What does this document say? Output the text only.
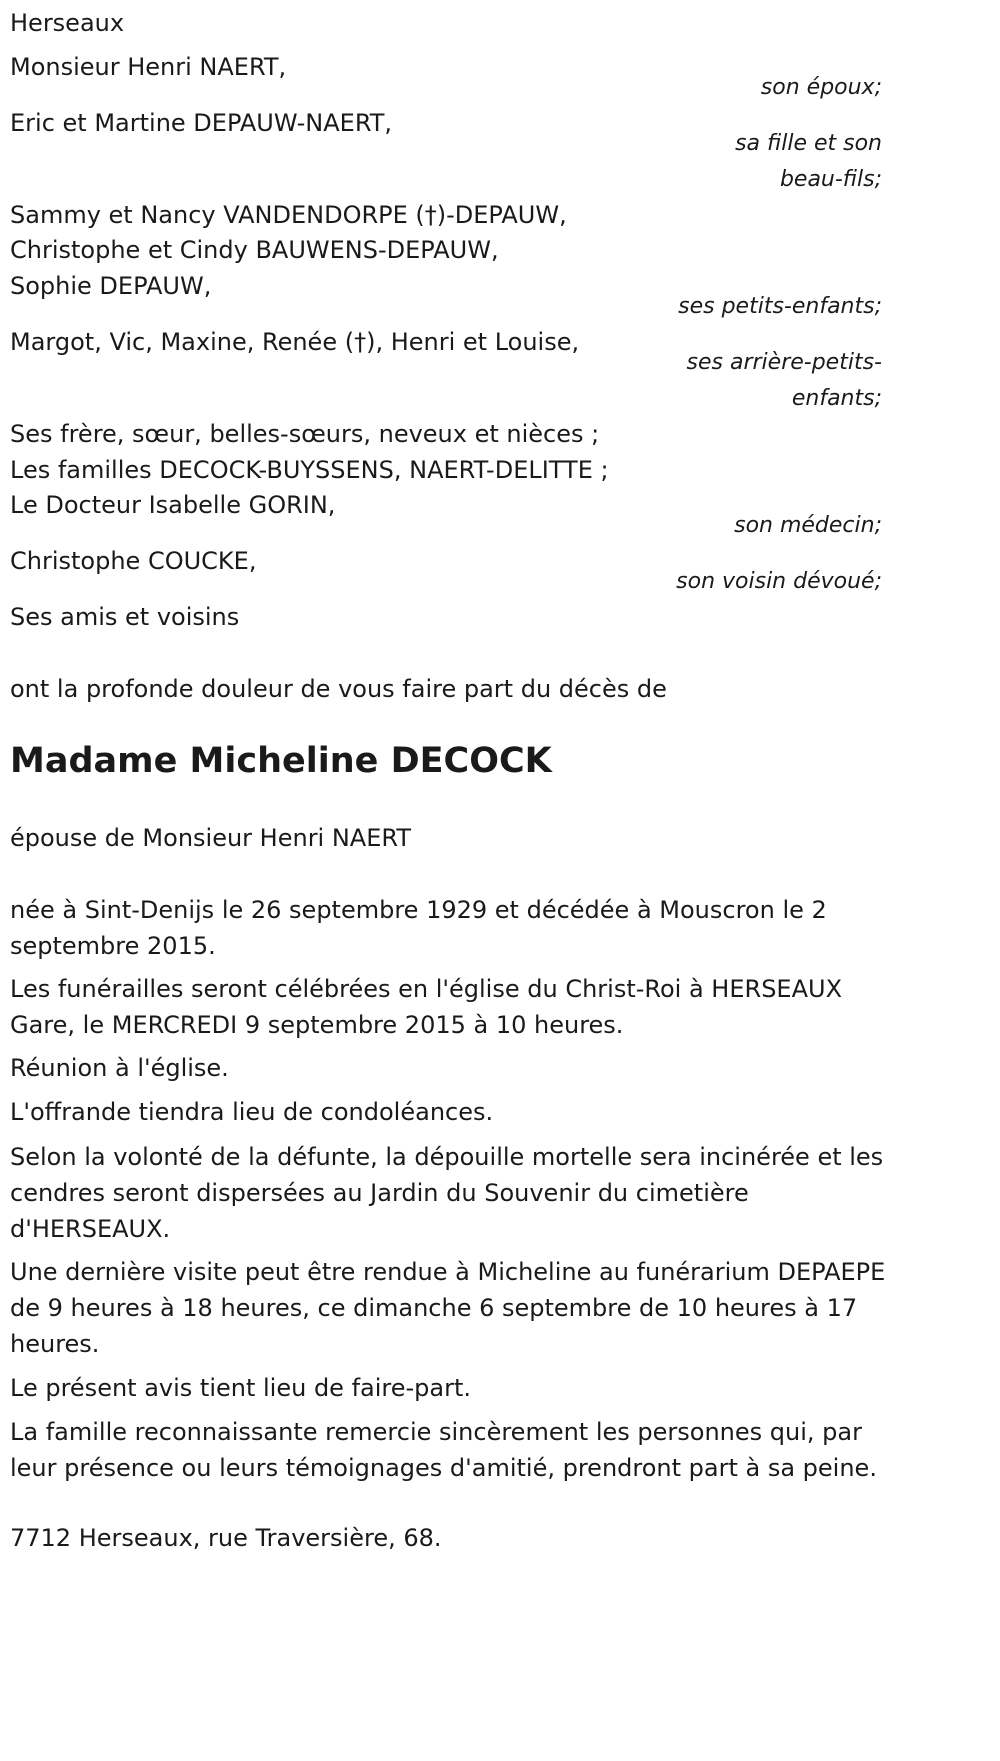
Herseaux
Monsieur Henri NAERT,
son époux;
Eric et Martine DEPAUW-NAERT,
sa fille et son
beau-fils;
Sammy et Nancy VANDENDORPE (†)-DEPAUW,
Christophe et Cindy BAUWENS-DEPAUW,
Sophie DEPAUW,
ses petits-enfants;
Margot, Vic, Maxine, Renée (†), Henri et Louise,
ses arrière-petits-
enfants;
Ses frère, sœur, belles-sœurs, neveux et nièces ;
Les familles DECOCK-BUYSSENS, NAERT-DELITTE ;
Le Docteur Isabelle GORIN,
son médecin;
Christophe COUCKE,
son voisin dévoué;
Ses amis et voisins
ont la profonde douleur de vous faire part du décès de
Madame Micheline DECOCK
épouse de Monsieur Henri NAERT
née à Sint-Denijs le 26 septembre 1929 et décédée à Mouscron le 2 septembre 2015.
Les funérailles seront célébrées en l'église du Christ-Roi à HERSEAUX Gare, le MERCREDI 9 septembre 2015 à 10 heures.
Réunion à l'église.
L'offrande tiendra lieu de condoléances.
Selon la volonté de la défunte, la dépouille mortelle sera incinérée et les cendres seront dispersées au Jardin du Souvenir du cimetière d'HERSEAUX.
Une dernière visite peut être rendue à Micheline au funérarium DEPAEPE de 9 heures à 18 heures, ce dimanche 6 septembre de 10 heures à 17 heures.
Le présent avis tient lieu de faire-part.
La famille reconnaissante remercie sincèrement les personnes qui, par leur présence ou leurs témoignages d'amitié, prendront part à sa peine.
7712 Herseaux, rue Traversière, 68.
